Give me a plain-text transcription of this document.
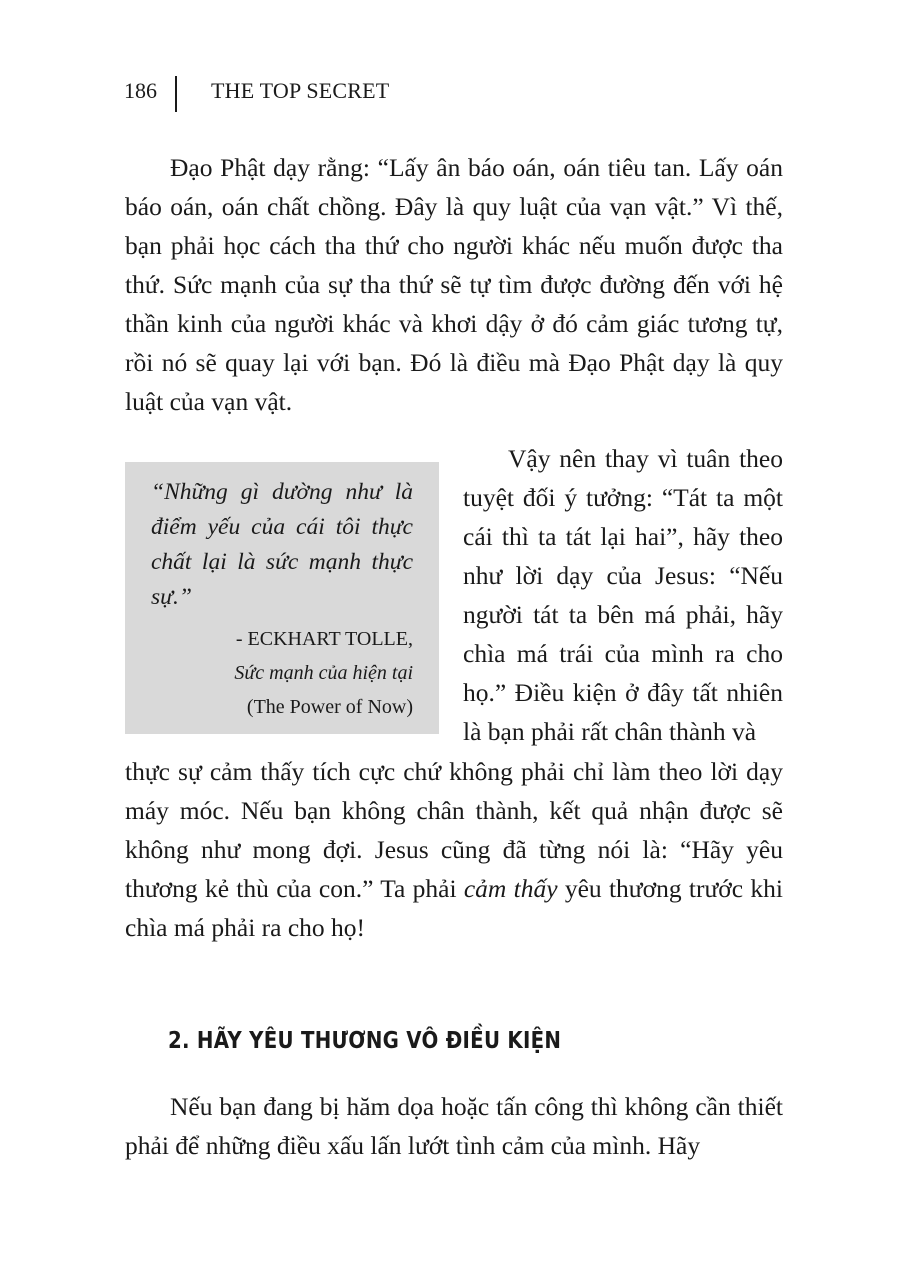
186 THE TOP SECRET

Đạo Phật dạy rằng: “Lấy ân báo oán, oán tiêu tan. Lấy oán báo oán, oán chất chồng. Đây là quy luật của vạn vật.” Vì thế, bạn phải học cách tha thứ cho người khác nếu muốn được tha thứ. Sức mạnh của sự tha thứ sẽ tự tìm được đường đến với hệ thần kinh của người khác và khơi dậy ở đó cảm giác tương tự, rồi nó sẽ quay lại với bạn. Đó là điều mà Đạo Phật dạy là quy luật của vạn vật.

“Những gì dường như là điểm yếu của cái tôi thực chất lại là sức mạnh thực sự.”

- ECKHART TOLLE,
Sức mạnh của hiện tại
(The Power of Now)

Vậy nên thay vì tuân theo tuyệt đối ý tưởng: “Tát ta một cái thì ta tát lại hai”, hãy theo như lời dạy của Jesus: “Nếu người tát ta bên má phải, hãy chìa má trái của mình ra cho họ.” Điều kiện ở đây tất nhiên là bạn phải rất chân thành và

thực sự cảm thấy tích cực chứ không phải chỉ làm theo lời dạy máy móc. Nếu bạn không chân thành, kết quả nhận được sẽ không như mong đợi. Jesus cũng đã từng nói là: “Hãy yêu thương kẻ thù của con.” Ta phải cảm thấy yêu thương trước khi chìa má phải ra cho họ!

2. HÃY YÊU THƯƠNG VÔ ĐIỀU KIỆN

Nếu bạn đang bị hăm dọa hoặc tấn công thì không cần thiết phải để những điều xấu lấn lướt tình cảm của mình. Hãy
